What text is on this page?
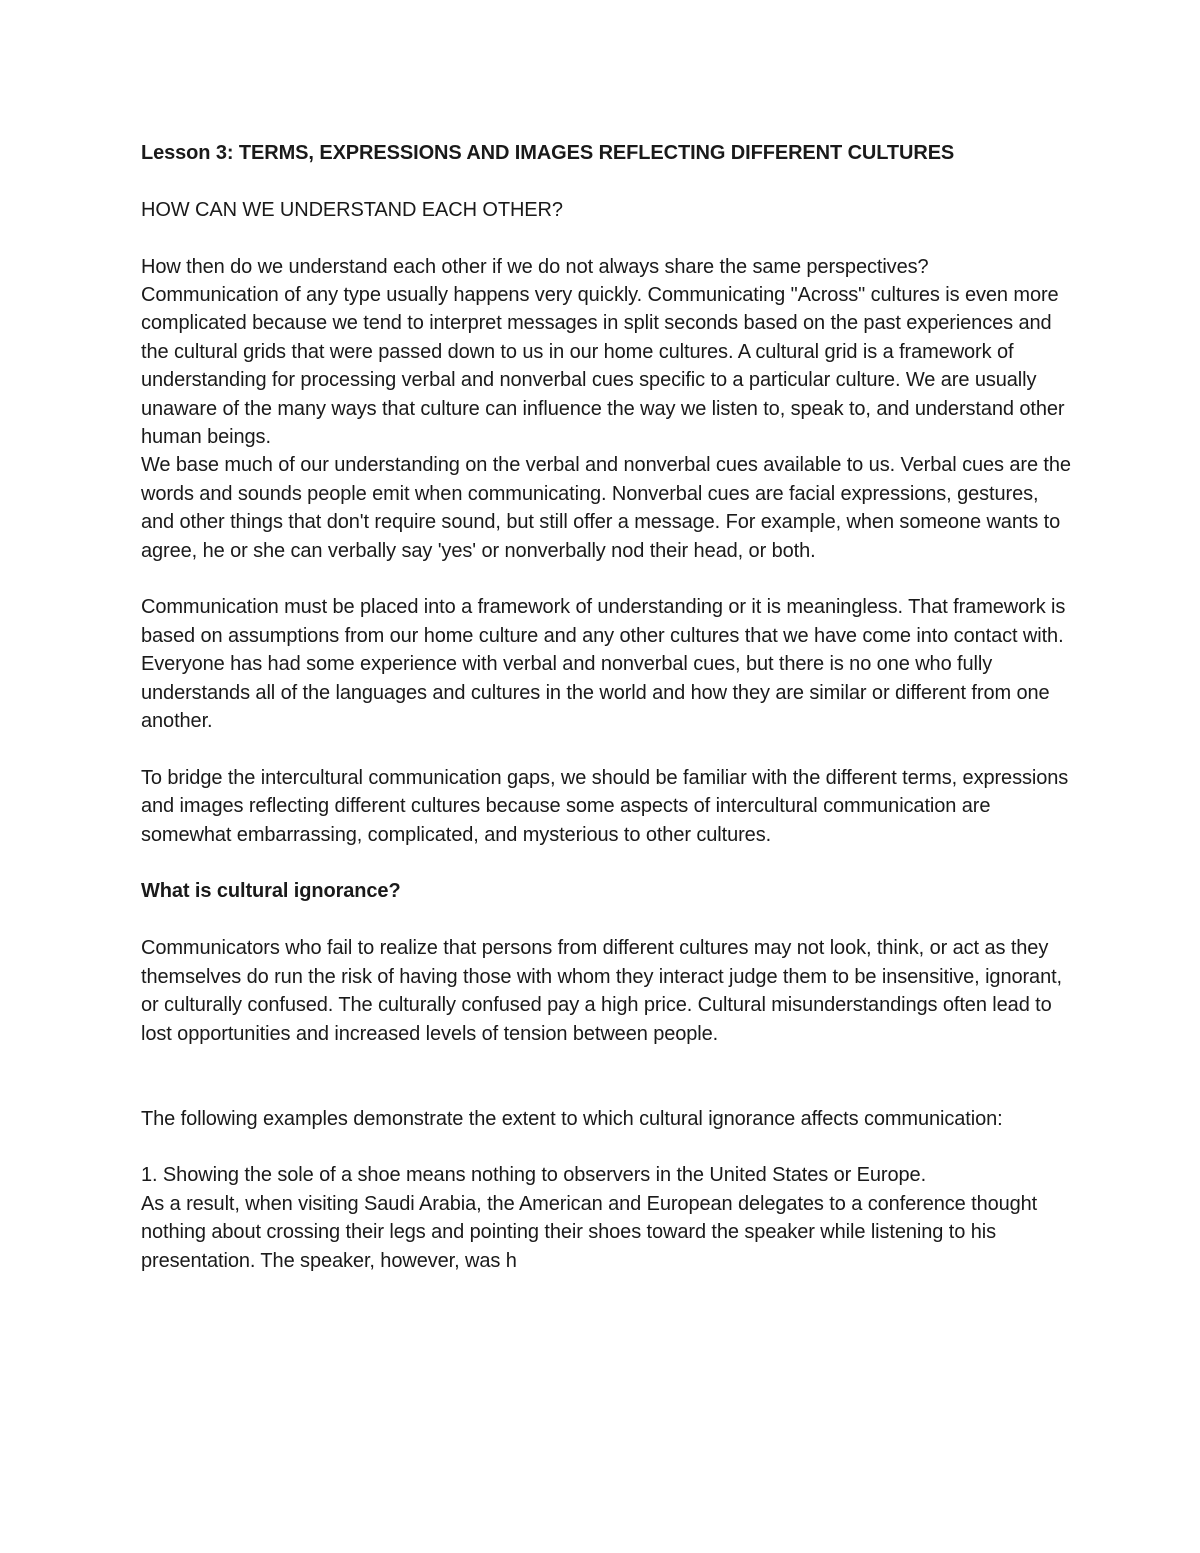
Lesson 3: TERMS, EXPRESSIONS AND IMAGES REFLECTING DIFFERENT CULTURES

HOW CAN WE UNDERSTAND EACH OTHER?

How then do we understand each other if we do not always share the same perspectives? Communication of any type usually happens very quickly. Communicating "Across" cultures is even more complicated because we tend to interpret messages in split seconds based on the past experiences and the cultural grids that were passed down to us in our home cultures. A cultural grid is a framework of understanding for processing verbal and nonverbal cues specific to a particular culture. We are usually unaware of the many ways that culture can influence the way we listen to, speak to, and understand other human beings.

We base much of our understanding on the verbal and nonverbal cues available to us. Verbal cues are the words and sounds people emit when communicating. Nonverbal cues are facial expressions, gestures, and other things that don't require sound, but still offer a message. For example, when someone wants to agree, he or she can verbally say 'yes' or nonverbally nod their head, or both.

Communication must be placed into a framework of understanding or it is meaningless. That framework is based on assumptions from our home culture and any other cultures that we have come into contact with. Everyone has had some experience with verbal and nonverbal cues, but there is no one who fully understands all of the languages and cultures in the world and how they are similar or different from one another.

To bridge the intercultural communication gaps, we should be familiar with the different terms, expressions and images reflecting different cultures because some aspects of intercultural communication are somewhat embarrassing, complicated, and mysterious to other cultures.

What is cultural ignorance?

Communicators who fail to realize that persons from different cultures may not look, think, or act as they themselves do run the risk of having those with whom they interact judge them to be insensitive, ignorant, or culturally confused. The culturally confused pay a high price. Cultural misunderstandings often lead to lost opportunities and increased levels of tension between people.

The following examples demonstrate the extent to which cultural ignorance affects communication:

1. Showing the sole of a shoe means nothing to observers in the United States or Europe.

As a result, when visiting Saudi Arabia, the American and European delegates to a conference thought nothing about crossing their legs and pointing their shoes toward the speaker while listening to his presentation. The speaker, however, was h
